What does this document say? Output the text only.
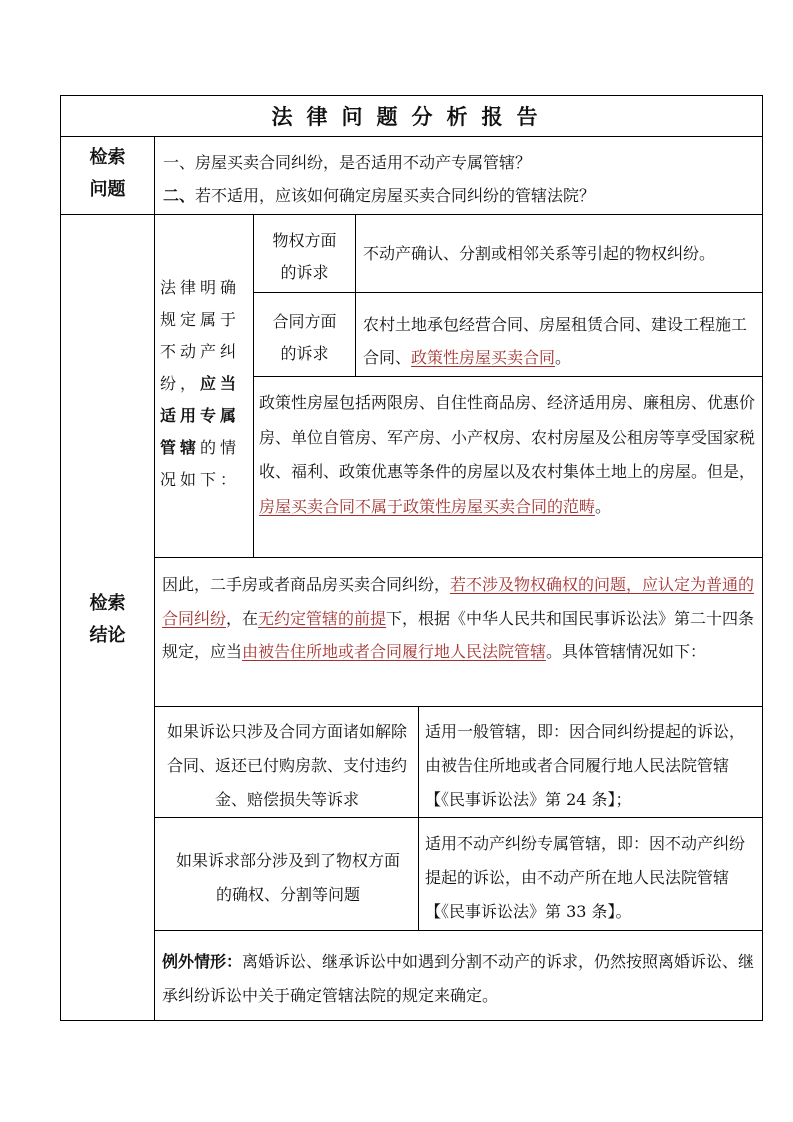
法律问题分析报告
检索
问题
一、房屋买卖合同纠纷，是否适用不动产专属管辖？
二、若不适用，应该如何确定房屋买卖合同纠纷的管辖法院？
检索
结论
法律明确规定属于不动产纠纷，应当适用专属管辖的情况如下：
物权方面的诉求
不动产确认、分割或相邻关系等引起的物权纠纷。
合同方面的诉求
农村土地承包经营合同、房屋租赁合同、建设工程施工合同、政策性房屋买卖合同。
政策性房屋包括两限房、自住性商品房、经济适用房、廉租房、优惠价房、单位自管房、军产房、小产权房、农村房屋及公租房等享受国家税收、福利、政策优惠等条件的房屋以及农村集体土地上的房屋。但是，房屋买卖合同不属于政策性房屋买卖合同的范畴。
因此，二手房或者商品房买卖合同纠纷，若不涉及物权确权的问题，应认定为普通的合同纠纷，在无约定管辖的前提下，根据《中华人民共和国民事诉讼法》第二十四条规定，应当由被告住所地或者合同履行地人民法院管辖。具体管辖情况如下：
如果诉讼只涉及合同方面诸如解除合同、返还已付购房款、支付违约金、赔偿损失等诉求
适用一般管辖，即：因合同纠纷提起的诉讼，由被告住所地或者合同履行地人民法院管辖【《民事诉讼法》第 24 条】；
如果诉求部分涉及到了物权方面的确权、分割等问题
适用不动产纠纷专属管辖，即：因不动产纠纷提起的诉讼，由不动产所在地人民法院管辖【《民事诉讼法》第 33 条】。
例外情形：离婚诉讼、继承诉讼中如遇到分割不动产的诉求，仍然按照离婚诉讼、继承纠纷诉讼中关于确定管辖法院的规定来确定。
